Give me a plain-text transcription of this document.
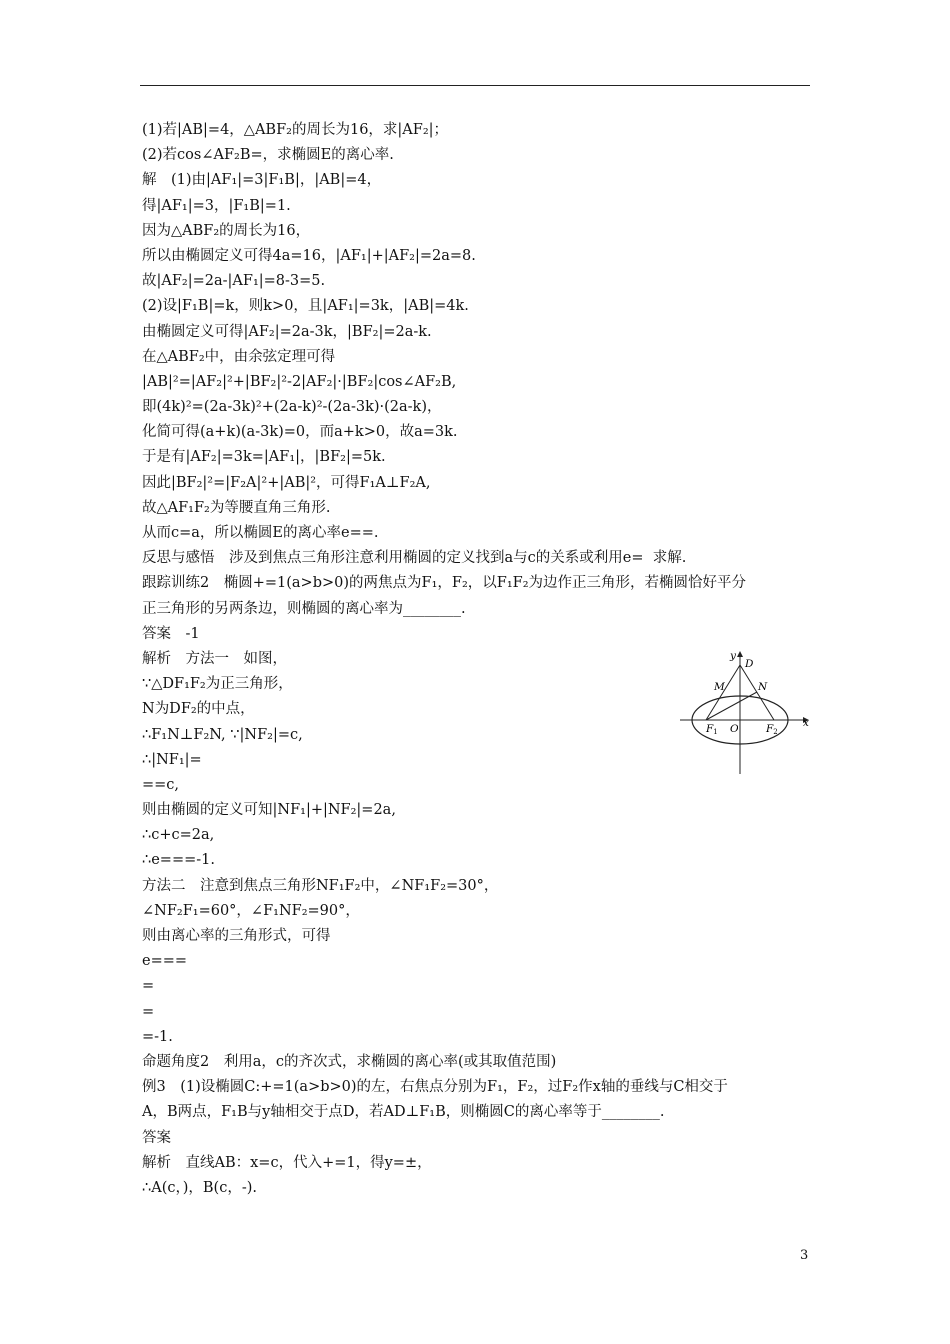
(1)若|AB|=4，△ABF₂的周长为16，求|AF₂|；
(2)若cos∠AF₂B=，求椭圆E的离心率.
解　(1)由|AF₁|=3|F₁B|，|AB|=4，
得|AF₁|=3，|F₁B|=1.
因为△ABF₂的周长为16，
所以由椭圆定义可得4a=16，|AF₁|+|AF₂|=2a=8.
故|AF₂|=2a-|AF₁|=8-3=5.
(2)设|F₁B|=k，则k>0，且|AF₁|=3k，|AB|=4k.
由椭圆定义可得|AF₂|=2a-3k，|BF₂|=2a-k.
在△ABF₂中，由余弦定理可得
|AB|²=|AF₂|²+|BF₂|²-2|AF₂|·|BF₂|cos∠AF₂B,
即(4k)²=(2a-3k)²+(2a-k)²-(2a-3k)·(2a-k)，
化简可得(a+k)(a-3k)=0，而a+k>0，故a=3k.
于是有|AF₂|=3k=|AF₁|，|BF₂|=5k.
因此|BF₂|²=|F₂A|²+|AB|²，可得F₁A⊥F₂A,
故△AF₁F₂为等腰直角三角形.
从而c=a，所以椭圆E的离心率e==.
反思与感悟　涉及到焦点三角形注意利用椭圆的定义找到a与c的关系或利用e=  求解.
跟踪训练2　椭圆+=1(a>b>0)的两焦点为F₁，F₂，以F₁F₂为边作正三角形，若椭圆恰好平分
正三角形的另两条边，则椭圆的离心率为________.
答案　-1
解析　方法一　如图，
∵△DF₁F₂为正三角形，
N为DF₂的中点，
∴F₁N⊥F₂N, ∵|NF₂|=c,
∴|NF₁|=
==c,
则由椭圆的定义可知|NF₁|+|NF₂|=2a,
∴c+c=2a,
∴e===-1.
方法二　注意到焦点三角形NF₁F₂中，∠NF₁F₂=30°，
∠NF₂F₁=60°，∠F₁NF₂=90°，
则由离心率的三角形式，可得
e===
=
=
=-1.
命题角度2　利用a，c的齐次式，求椭圆的离心率(或其取值范围)
例3　(1)设椭圆C:+=1(a>b>0)的左，右焦点分别为F₁，F₂，过F₂作x轴的垂线与C相交于
A，B两点，F₁B与y轴相交于点D，若AD⊥F₁B，则椭圆C的离心率等于________.
答案
解析　直线AB：x=c，代入+=1，得y=±，
∴A(c，)，B(c，-).
y
x
D
M	N
O
F1	F2
3
